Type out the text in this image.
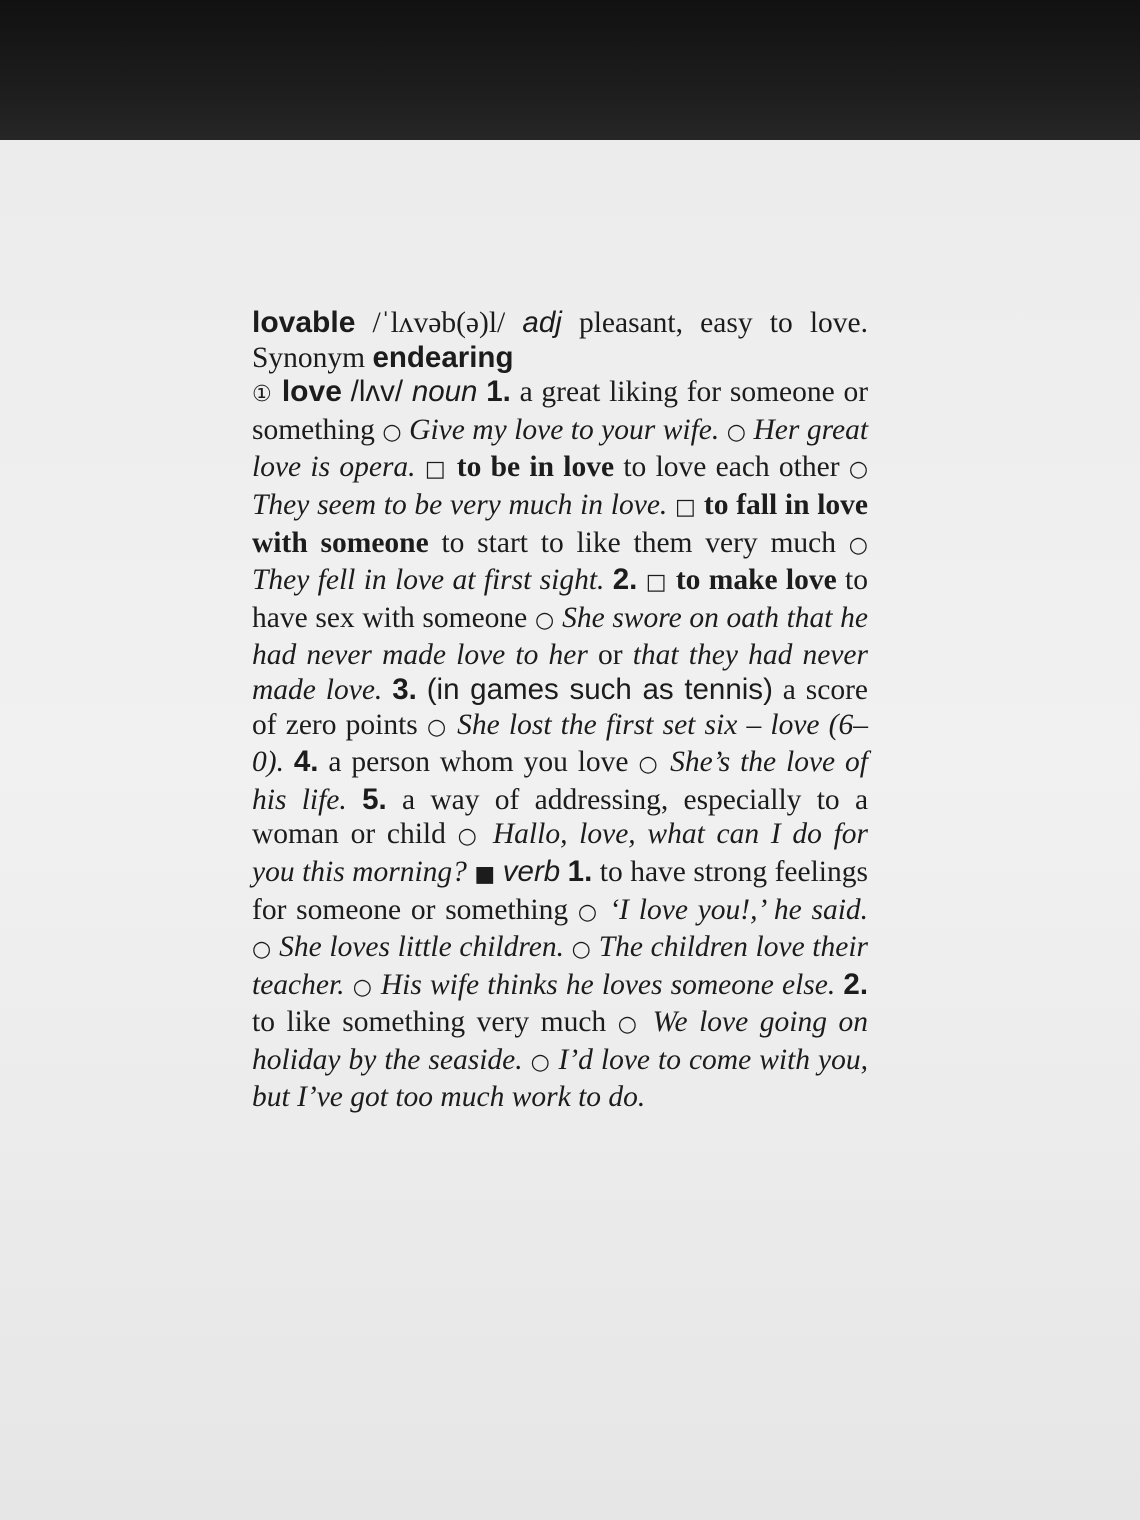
lovable /ˈlʌvəb(ə)l/ adj pleasant, easy to love. Synonym endearing

① love /lʌv/ noun 1. a great liking for someone or something ○ Give my love to your wife. ○ Her great love is opera. □ to be in love to love each other ○ They seem to be very much in love. □ to fall in love with someone to start to like them very much ○ They fell in love at first sight. 2. □ to make love to have sex with someone ○ She swore on oath that he had never made love to her or that they had never made love. 3. (in games such as tennis) a score of zero points ○ She lost the first set six – love (6–0). 4. a person whom you love ○ She’s the love of his life. 5. a way of addressing, especially to a woman or child ○ Hallo, love, what can I do for you this morning? ■ verb 1. to have strong feelings for someone or something ○ ‘I love you!,’ he said. ○ She loves little children. ○ The children love their teacher. ○ His wife thinks he loves someone else. 2. to like something very much ○ We love going on holiday by the seaside. ○ I’d love to come with you, but I’ve got too much work to do.
